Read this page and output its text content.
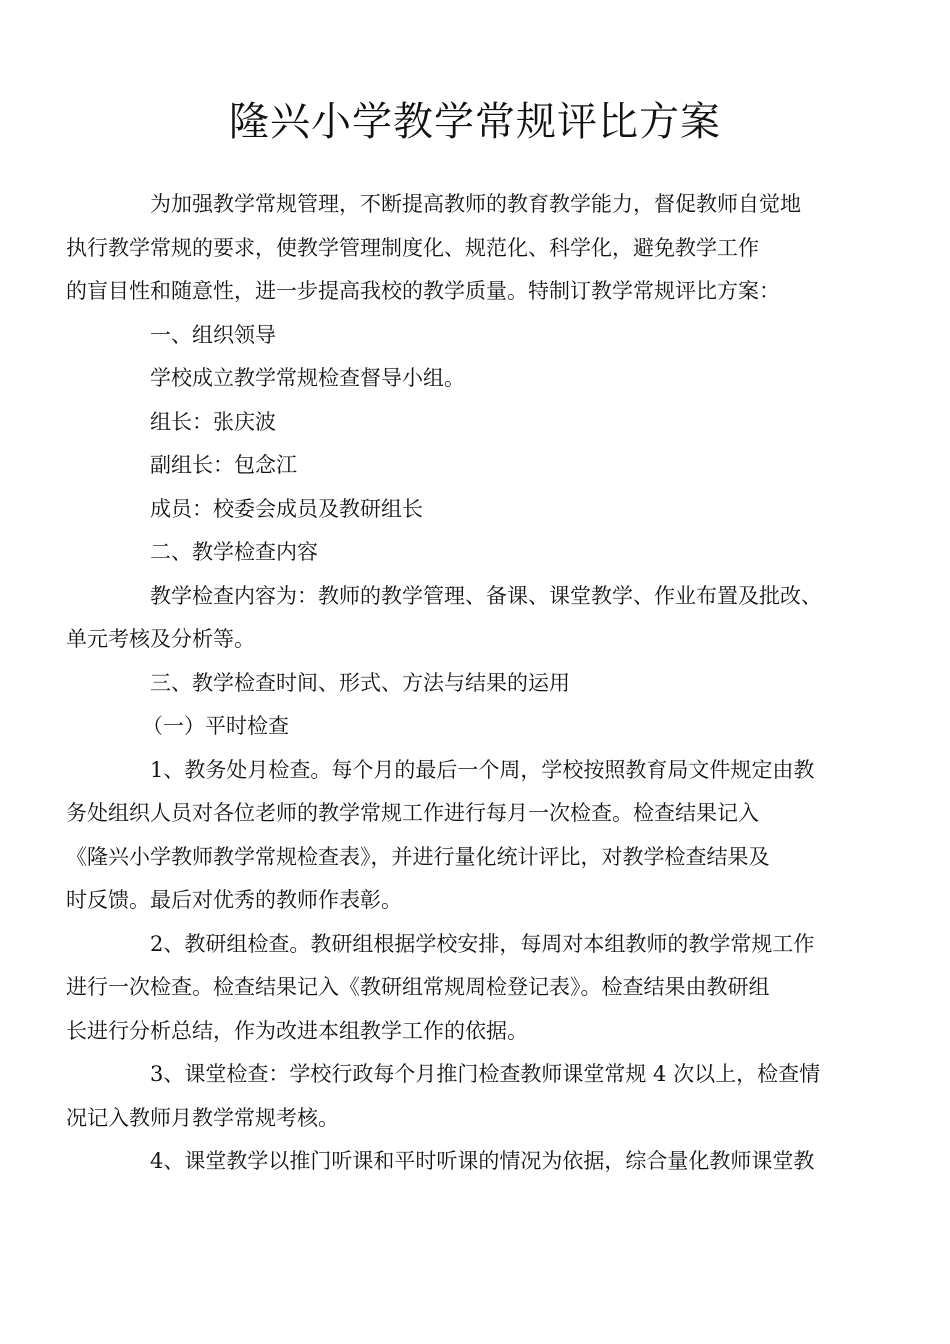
隆兴小学教学常规评比方案
为加强教学常规管理，不断提高教师的教育教学能力，督促教师自觉地
执行教学常规的要求，使教学管理制度化、规范化、科学化，避免教学工作
的盲目性和随意性，进一步提高我校的教学质量。特制订教学常规评比方案：
一、组织领导
学校成立教学常规检查督导小组。
组长：张庆波
副组长：包念江
成员：校委会成员及教研组长
二、教学检查内容
教学检查内容为：教师的教学管理、备课、课堂教学、作业布置及批改、
单元考核及分析等。
三、教学检查时间、形式、方法与结果的运用
（一）平时检查
1、教务处月检查。每个月的最后一个周，学校按照教育局文件规定由教
务处组织人员对各位老师的教学常规工作进行每月一次检查。检查结果记入
《隆兴小学教师教学常规检查表》，并进行量化统计评比，对教学检查结果及
时反馈。最后对优秀的教师作表彰。
2、教研组检查。教研组根据学校安排，每周对本组教师的教学常规工作
进行一次检查。检查结果记入《教研组常规周检登记表》。检查结果由教研组
长进行分析总结，作为改进本组教学工作的依据。
3、课堂检查：学校行政每个月推门检查教师课堂常规 4 次以上，检查情
况记入教师月教学常规考核。
4、课堂教学以推门听课和平时听课的情况为依据，综合量化教师课堂教
